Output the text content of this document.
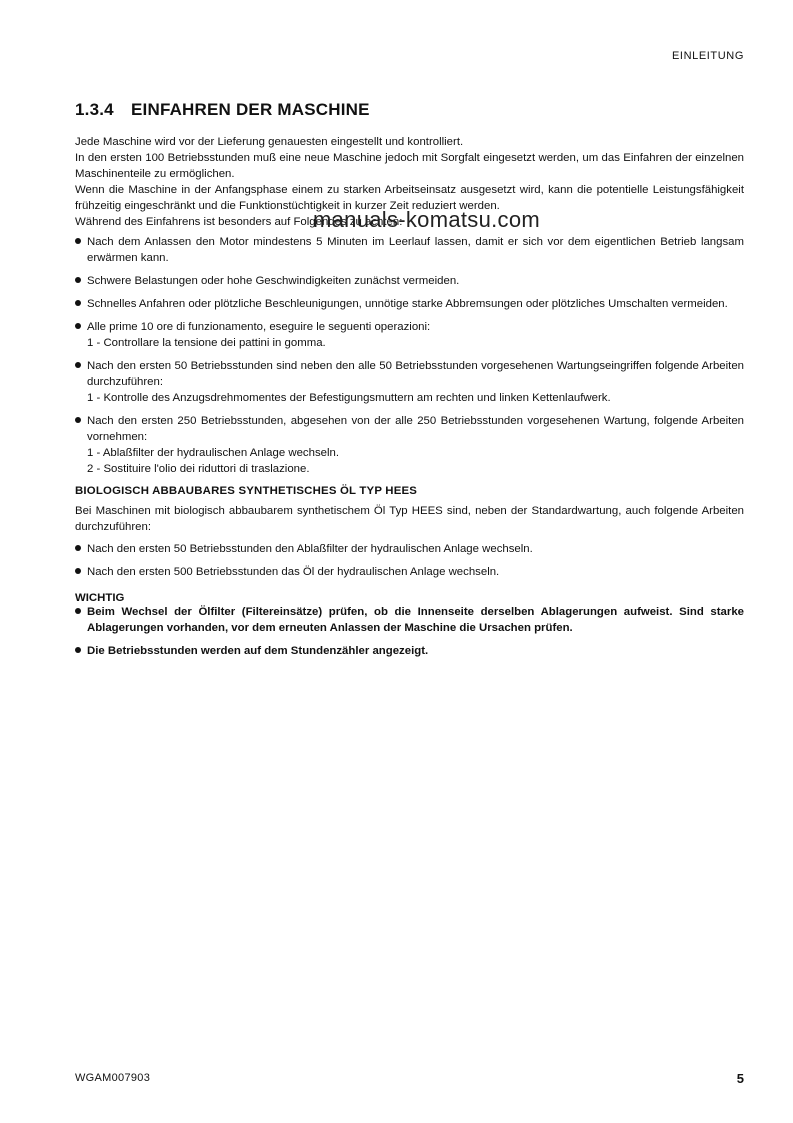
EINLEITUNG
1.3.4 EINFAHREN DER MASCHINE

Jede Maschine wird vor der Lieferung genauesten eingestellt und kontrolliert.

In den ersten 100 Betriebsstunden muß eine neue Maschine jedoch mit Sorgfalt eingesetzt werden, um das Einfahren der einzelnen Maschinenteile zu ermöglichen.

Wenn die Maschine in der Anfangsphase einem zu starken Arbeitseinsatz ausgesetzt wird, kann die potentielle Leistungsfähigkeit frühzeitig eingeschränkt und die Funktionstüchtigkeit in kurzer Zeit reduziert werden.

Während des Einfahrens ist besonders auf Folgendes zu achten:

Nach dem Anlassen den Motor mindestens 5 Minuten im Leerlauf lassen, damit er sich vor dem eigentlichen Betrieb langsam erwärmen kann.
Schwere Belastungen oder hohe Geschwindigkeiten zunächst vermeiden.
Schnelles Anfahren oder plötzliche Beschleunigungen, unnötige starke Abbremsungen oder plötzliches Umschalten vermeiden.
Alle prime 10 ore di funzionamento, eseguire le seguenti operazioni:
1 - Controllare la tensione dei pattini in gomma.
Nach den ersten 50 Betriebsstunden sind neben den alle 50 Betriebsstunden vorgesehenen Wartungseingriffen folgende Arbeiten durchzuführen:
1 - Kontrolle des Anzugsdrehmomentes der Befestigungsmuttern am rechten und linken Kettenlaufwerk.
Nach den ersten 250 Betriebsstunden, abgesehen von der alle 250 Betriebsstunden vorgesehenen Wartung, folgende Arbeiten vornehmen:
1 - Ablaßfilter der hydraulischen Anlage wechseln.
2 - Sostituire l'olio dei riduttori di traslazione.
BIOLOGISCH ABBAUBARES SYNTHETISCHES ÖL TYP HEES

Bei Maschinen mit biologisch abbaubarem synthetischem Öl Typ HEES sind, neben der Standardwartung, auch folgende Arbeiten durchzuführen:

Nach den ersten 50 Betriebsstunden den Ablaßfilter der hydraulischen Anlage wechseln.
Nach den ersten 500 Betriebsstunden das Öl der hydraulischen Anlage wechseln.
WICHTIG
Beim Wechsel der Ölfilter (Filtereinsätze) prüfen, ob die Innenseite derselben Ablagerungen aufweist. Sind starke Ablagerungen vorhanden, vor dem erneuten Anlassen der Maschine die Ursachen prüfen.
Die Betriebsstunden werden auf dem Stundenzähler angezeigt.
manuals-komatsu.com
WGAM007903	5
